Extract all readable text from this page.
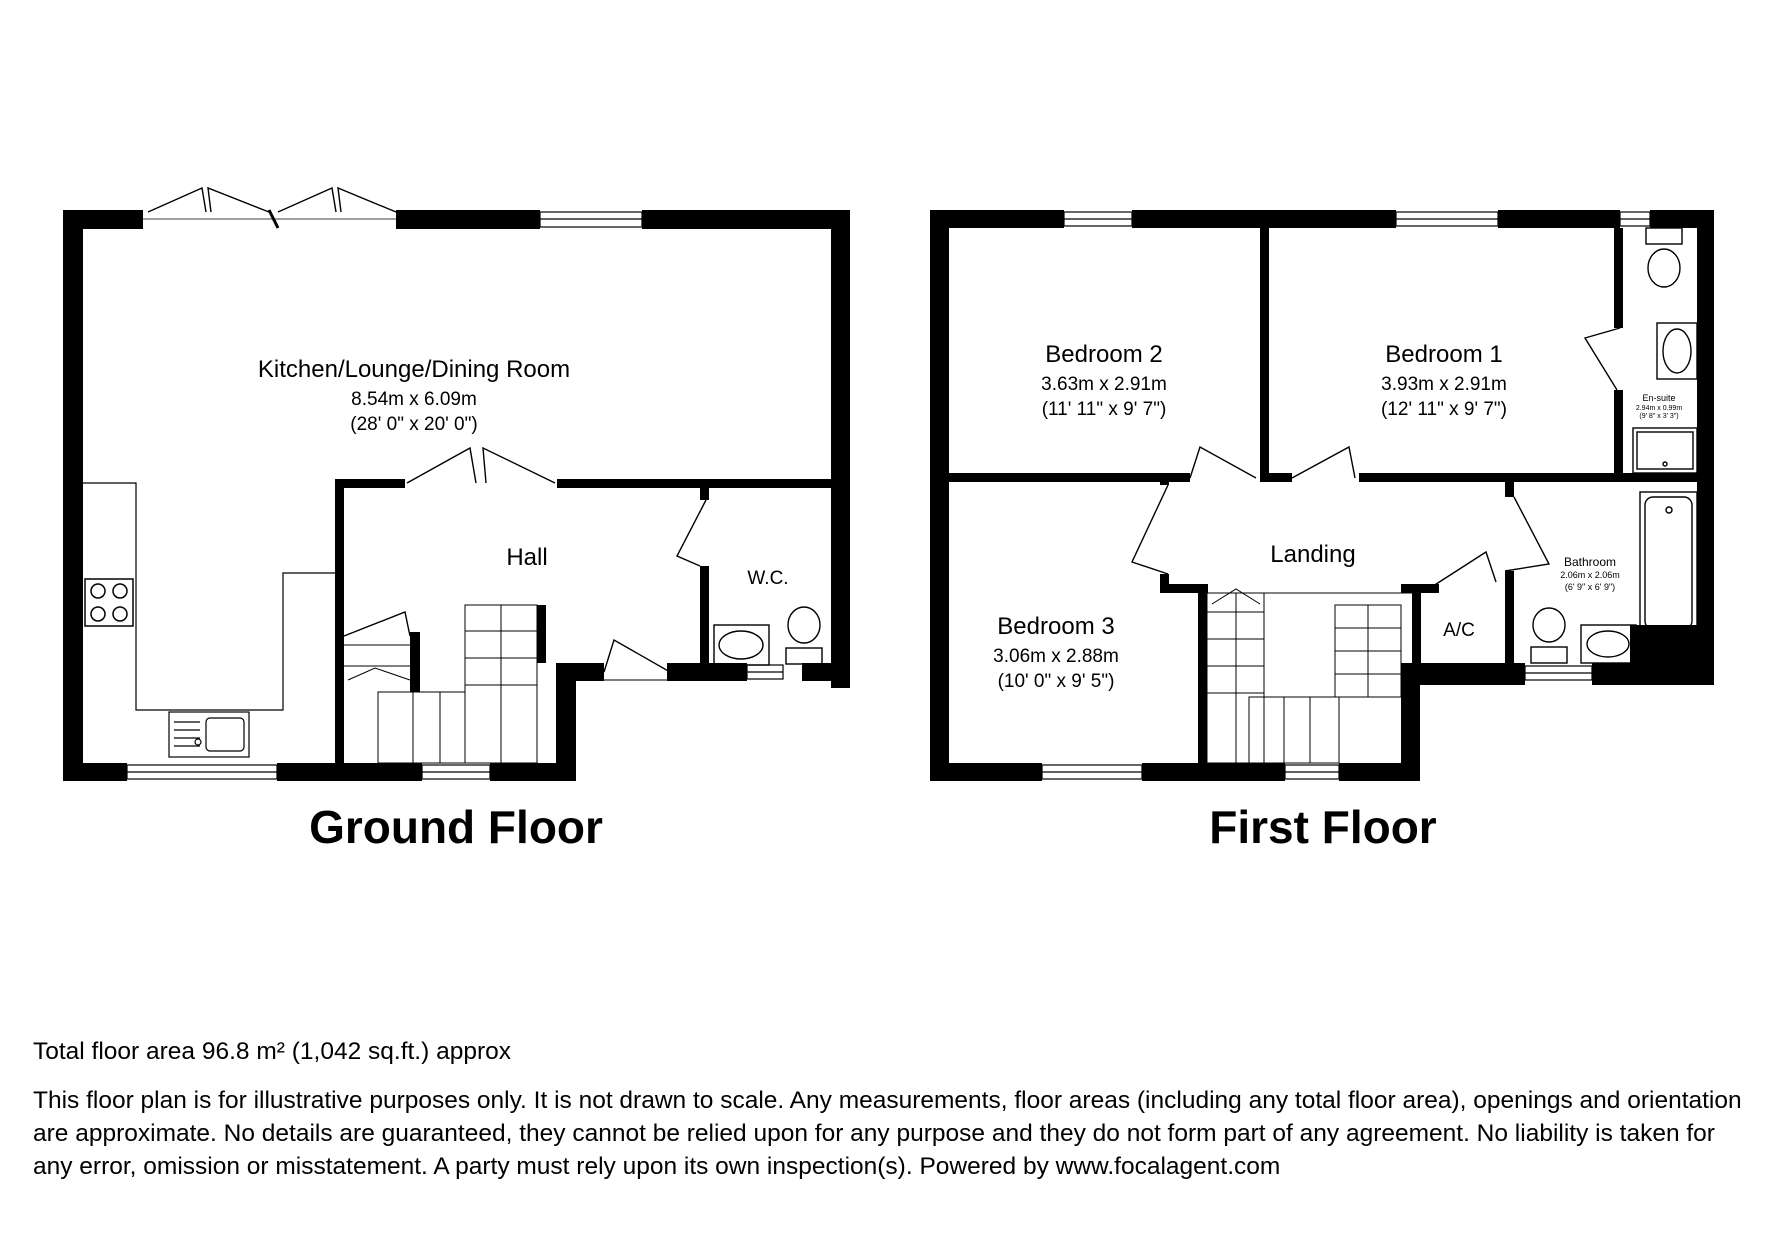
Kitchen/Lounge/Dining Room
8.54m x 6.09m
(28' 0" x 20' 0")
Hall
W.C.
Bedroom 2
3.63m x 2.91m
(11' 11" x 9' 7")
Bedroom 1
3.93m x 2.91m
(12' 11" x 9' 7")
En-suite
2.94m x 0.99m
(9' 8" x 3' 3")
Landing
Bedroom 3
3.06m x 2.88m
(10' 0" x 9' 5")
A/C
Bathroom
2.06m x 2.06m
(6' 9" x 6' 9")
Ground Floor	First Floor
Total floor area 96.8 m² (1,042 sq.ft.) approx
This floor plan is for illustrative purposes only. It is not drawn to scale. Any measurements, floor areas (including any total floor area), openings and orientation are approximate. No details are guaranteed, they cannot be relied upon for any purpose and they do not form part of any agreement. No liability is taken for any error, omission or misstatement. A party must rely upon its own inspection(s). Powered by www.focalagent.com
